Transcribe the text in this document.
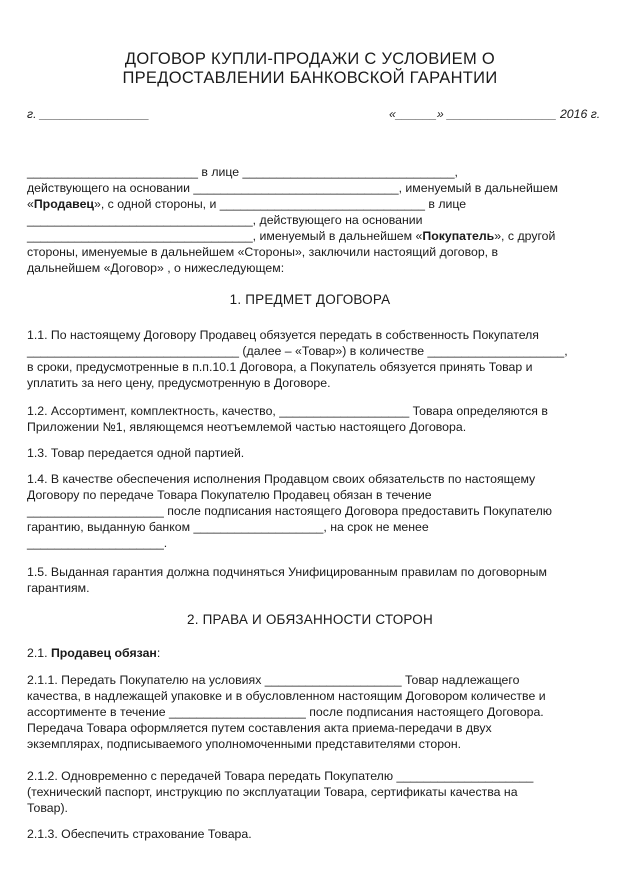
ДОГОВОР КУПЛИ-ПРОДАЖИ С УСЛОВИЕМ О
ПРЕДОСТАВЛЕНИИ БАНКОВСКОЙ ГАРАНТИИ
г. ________________	«______» ________________ 2016 г.
_________________________ в лице _______________________________,
действующего на основании ______________________________, именуемый в дальнейшем
«Продавец», с одной стороны, и ______________________________ в лице
_________________________________, действующего на основании
_________________________________, именуемый в дальнейшем «Покупатель», с другой
стороны, именуемые в дальнейшем «Стороны», заключили настоящий договор, в
дальнейшем «Договор» , о нижеследующем:
1. ПРЕДМЕТ ДОГОВОРА
1.1. По настоящему Договору Продавец обязуется передать в собственность Покупателя
_______________________________ (далее – «Товар») в количестве ____________________,
в сроки, предусмотренные в п.п.10.1 Договора, а Покупатель обязуется принять Товар и
уплатить за него цену, предусмотренную в Договоре.
1.2. Ассортимент, комплектность, качество, ___________________ Товара определяются в
Приложении №1, являющемся неотъемлемой частью настоящего Договора.
1.3. Товар передается одной партией.
1.4. В качестве обеспечения исполнения Продавцом своих обязательств по настоящему
Договору по передаче Товара Покупателю Продавец обязан в течение
____________________ после подписания настоящего Договора предоставить Покупателю
гарантию, выданную банком ___________________, на срок не менее
____________________.
1.5. Выданная гарантия должна подчиняться Унифицированным правилам по договорным
гарантиям.
2. ПРАВА И ОБЯЗАННОСТИ СТОРОН
2.1. Продавец обязан:
2.1.1. Передать Покупателю на условиях ____________________ Товар надлежащего
качества, в надлежащей упаковке и в обусловленном настоящим Договором количестве и
ассортименте в течение ____________________ после подписания настоящего Договора.
Передача Товара оформляется путем составления акта приема-передачи в двух
экземплярах, подписываемого уполномоченными представителями сторон.
2.1.2. Одновременно с передачей Товара передать Покупателю ____________________
(технический паспорт, инструкцию по эксплуатации Товара, сертификаты качества на
Товар).
2.1.3. Обеспечить страхование Товара.
